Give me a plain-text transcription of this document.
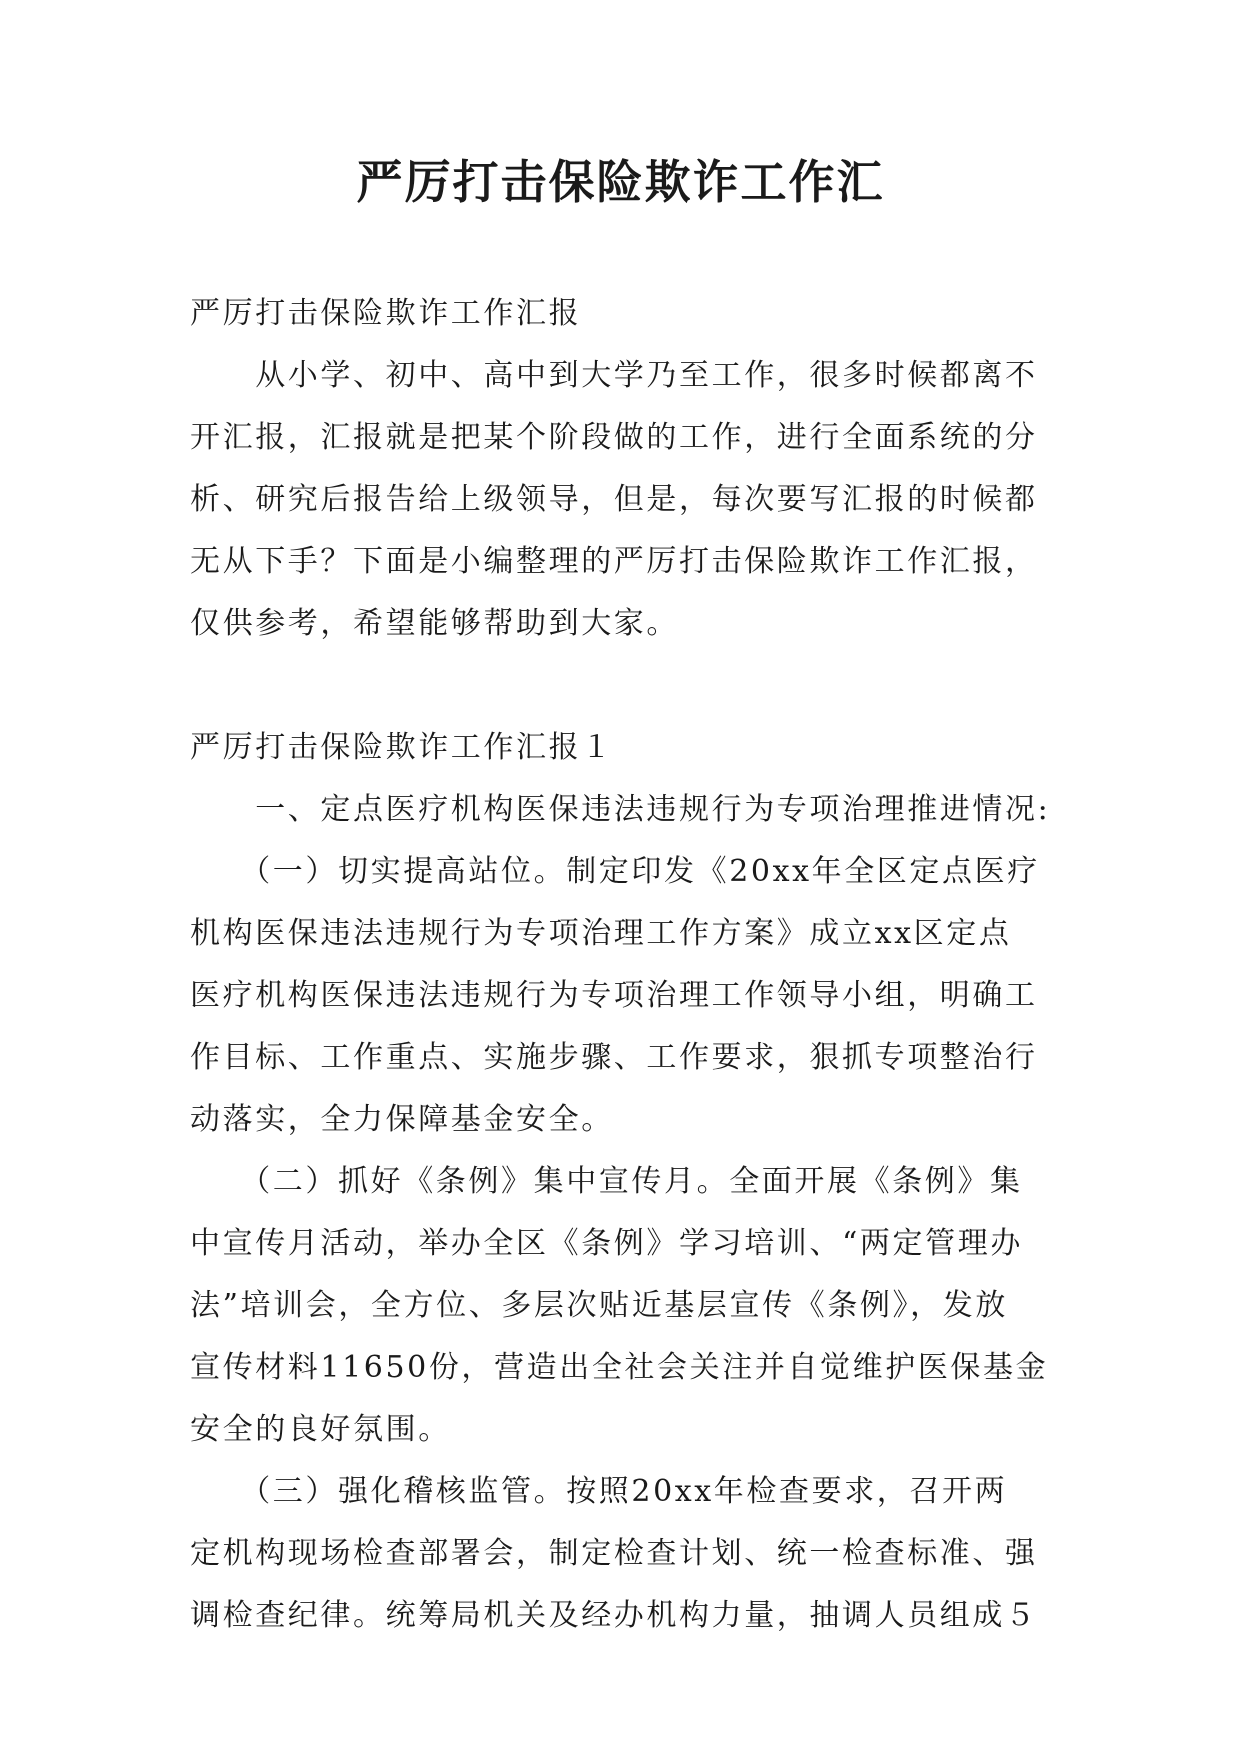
严厉打击保险欺诈工作汇
严厉打击保险欺诈工作汇报
　　从小学、初中、高中到大学乃至工作，很多时候都离不
开汇报，汇报就是把某个阶段做的工作，进行全面系统的分
析、研究后报告给上级领导，但是，每次要写汇报的时候都
无从下手？下面是小编整理的严厉打击保险欺诈工作汇报，
仅供参考，希望能够帮助到大家。
严厉打击保险欺诈工作汇报１
　　一、定点医疗机构医保违法违规行为专项治理推进情况:
　　（一）切实提高站位。制定印发《20xx年全区定点医疗
机构医保违法违规行为专项治理工作方案》成立xx区定点
医疗机构医保违法违规行为专项治理工作领导小组，明确工
作目标、工作重点、实施步骤、工作要求，狠抓专项整治行
动落实，全力保障基金安全。
　　（二）抓好《条例》集中宣传月。全面开展《条例》集
中宣传月活动，举办全区《条例》学习培训、“两定管理办
法”培训会，全方位、多层次贴近基层宣传《条例》，发放
宣传材料11650份，营造出全社会关注并自觉维护医保基金
安全的良好氛围。
　　（三）强化稽核监管。按照20xx年检查要求，召开两
定机构现场检查部署会，制定检查计划、统一检查标准、强
调检查纪律。统筹局机关及经办机构力量，抽调人员组成５
